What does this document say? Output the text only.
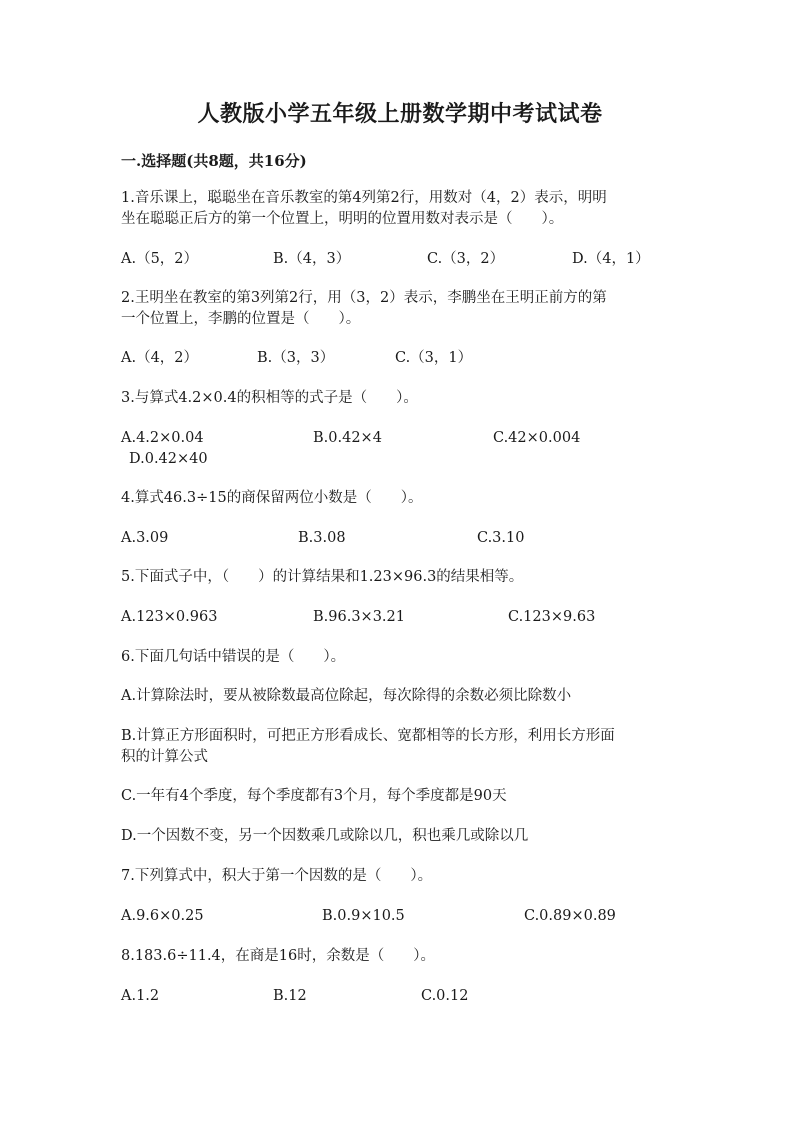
人教版小学五年级上册数学期中考试试卷
一.选择题(共8题，共16分)
1.音乐课上，聪聪坐在音乐教室的第4列第2行，用数对（4，2）表示，明明
坐在聪聪正后方的第一个位置上，明明的位置用数对表示是（　　）。
A.（5，2）	B.（4，3）	C.（3，2）	D.（4，1）
2.王明坐在教室的第3列第2行，用（3，2）表示，李鹏坐在王明正前方的第
一个位置上，李鹏的位置是（　　）。
A.（4，2）	B.（3，3）	C.（3，1）
3.与算式4.2×0.4的积相等的式子是（　　）。
A.4.2×0.04	B.0.42×4	C.42×0.004
D.0.42×40
4.算式46.3÷15的商保留两位小数是（　　）。
A.3.09	B.3.08	C.3.10
5.下面式子中，（　　）的计算结果和1.23×96.3的结果相等。
A.123×0.963	B.96.3×3.21	C.123×9.63
6.下面几句话中错误的是（　　）。
A.计算除法时，要从被除数最高位除起，每次除得的余数必须比除数小
B.计算正方形面积时，可把正方形看成长、宽都相等的长方形，利用长方形面
积的计算公式
C.一年有4个季度，每个季度都有3个月，每个季度都是90天
D.一个因数不变，另一个因数乘几或除以几，积也乘几或除以几
7.下列算式中，积大于第一个因数的是（　　）。
A.9.6×0.25	B.0.9×10.5	C.0.89×0.89
8.183.6÷11.4，在商是16时，余数是（　　）。
A.1.2	B.12	C.0.12
